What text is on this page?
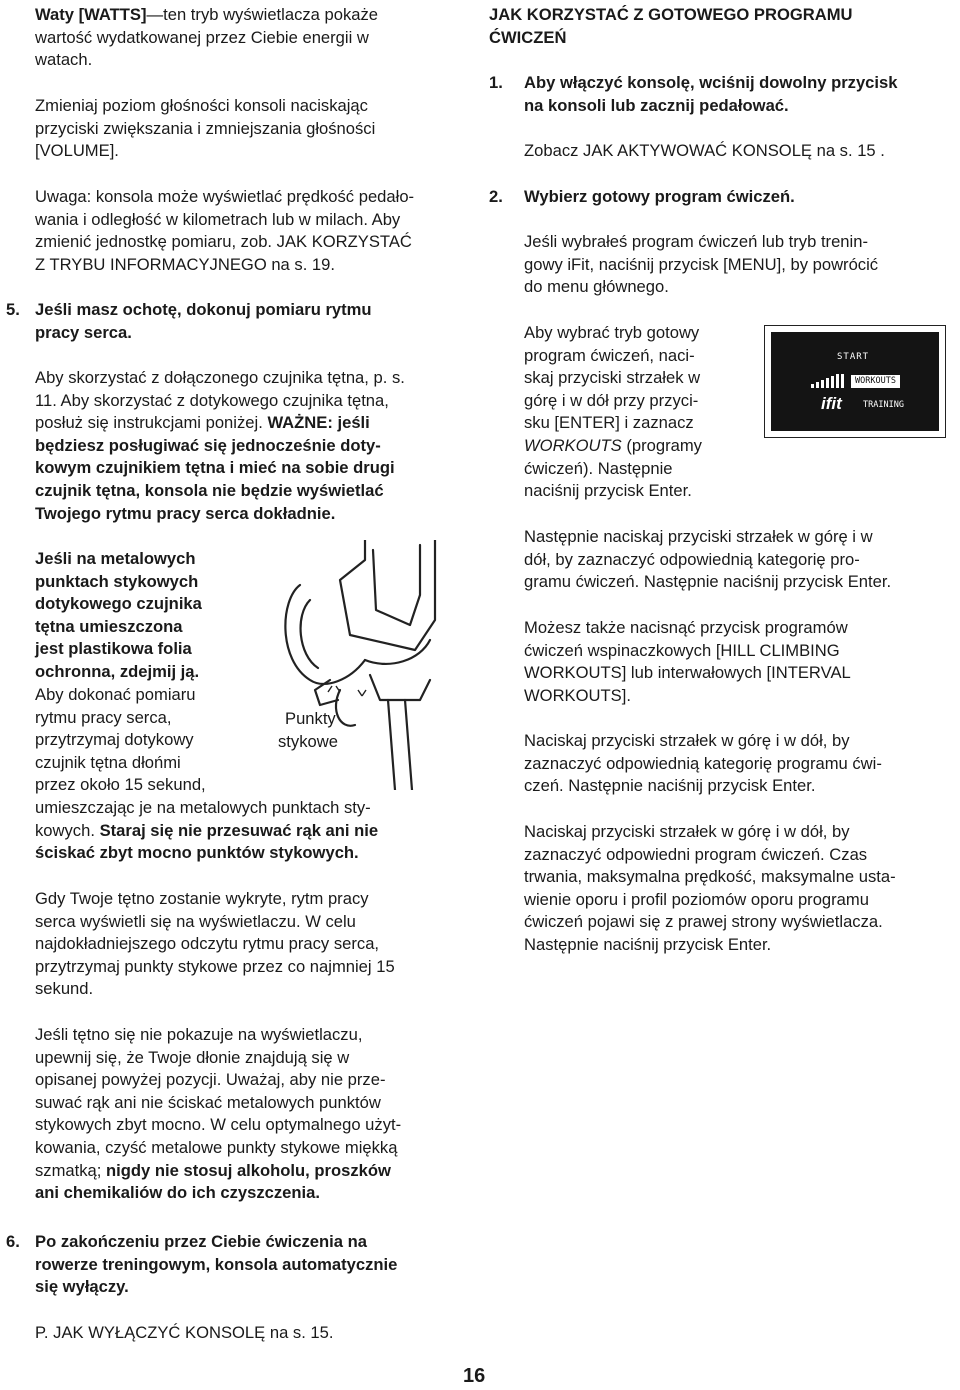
Waty [WATTS]—ten tryb wyświetlacza pokaże
wartość wydatkowanej przez Ciebie energii w
watach.
Zmieniaj poziom głośności konsoli naciskając
przyciski zwiększania i zmniejszania głośności
[VOLUME].
Uwaga: konsola może wyświetlać prędkość pedało-
wania i odległość w kilometrach lub w milach. Aby
zmienić jednostkę pomiaru, zob. JAK KORZYSTAĆ
Z TRYBU INFORMACYJNEGO na s. 19.
5. Jeśli masz ochotę, dokonuj pomiaru rytmu
pracy serca.
Aby skorzystać z dołączonego czujnika tętna, p. s.
11. Aby skorzystać z dotykowego czujnika tętna,
posłuż się instrukcjami poniżej. WAŻNE: jeśli
będziesz posługiwać się jednocześnie doty-
kowym czujnikiem tętna i mieć na sobie drugi
czujnik tętna, konsola nie będzie wyświetlać
Twojego rytmu pracy serca dokładnie.
Jeśli na metalowych
punktach stykowych
dotykowego czujnika
tętna umieszczona
jest plastikowa folia
ochronna, zdejmij ją.
Aby dokonać pomiaru
rytmu pracy serca,
przytrzymaj dotykowy
czujnik tętna dłońmi
przez około 15 sekund,
umieszczając je na metalowych punktach sty-
kowych. Staraj się nie przesuwać rąk ani nie
ściskać zbyt mocno punktów stykowych.
Gdy Twoje tętno zostanie wykryte, rytm pracy
serca wyświetli się na wyświetlaczu. W celu
najdokładniejszego odczytu rytmu pracy serca,
przytrzymaj punkty stykowe przez co najmniej 15
sekund.
Jeśli tętno się nie pokazuje na wyświetlaczu,
upewnij się, że Twoje dłonie znajdują się w
opisanej powyżej pozycji. Uważaj, aby nie prze-
suwać rąk ani nie ściskać metalowych punktów
stykowych zbyt mocno. W celu optymalnego użyt-
kowania, czyść metalowe punkty stykowe miękką
szmatką; nigdy nie stosuj alkoholu, proszków
ani chemikaliów do ich czyszczenia.
6. Po zakończeniu przez Ciebie ćwiczenia na
rowerze treningowym, konsola automatycznie
się wyłączy.
P. JAK WYŁĄCZYĆ KONSOLĘ na s. 15.
Punkty
stykowe
JAK KORZYSTAĆ Z GOTOWEGO PROGRAMU
ĆWICZEŃ
1. Aby włączyć konsolę, wciśnij dowolny przycisk
na konsoli lub zacznij pedałować.
Zobacz JAK AKTYWOWAĆ KONSOLĘ na s. 15 .
2. Wybierz gotowy program ćwiczeń.
Jeśli wybrałeś program ćwiczeń lub tryb trenin-
gowy iFit, naciśnij przycisk [MENU], by powrócić
do menu głównego.
Aby wybrać tryb gotowy
program ćwiczeń, naci-
skaj przyciski strzałek w
górę i w dół przy przyci-
sku [ENTER] i zaznacz
WORKOUTS (programy
ćwiczeń). Następnie
naciśnij przycisk Enter.
START
WORKOUTS
ifit TRAINING
Następnie naciskaj przyciski strzałek w górę i w
dół, by zaznaczyć odpowiednią kategorię pro-
gramu ćwiczeń. Następnie naciśnij przycisk Enter.
Możesz także nacisnąć przycisk programów
ćwiczeń wspinaczkowych [HILL CLIMBING
WORKOUTS] lub interwałowych [INTERVAL
WORKOUTS].
Naciskaj przyciski strzałek w górę i w dół, by
zaznaczyć odpowiednią kategorię programu ćwi-
czeń. Następnie naciśnij przycisk Enter.
Naciskaj przyciski strzałek w górę i w dół, by
zaznaczyć odpowiedni program ćwiczeń. Czas
trwania, maksymalna prędkość, maksymalne usta-
wienie oporu i profil poziomów oporu programu
ćwiczeń pojawi się z prawej strony wyświetlacza.
Następnie naciśnij przycisk Enter.
16
